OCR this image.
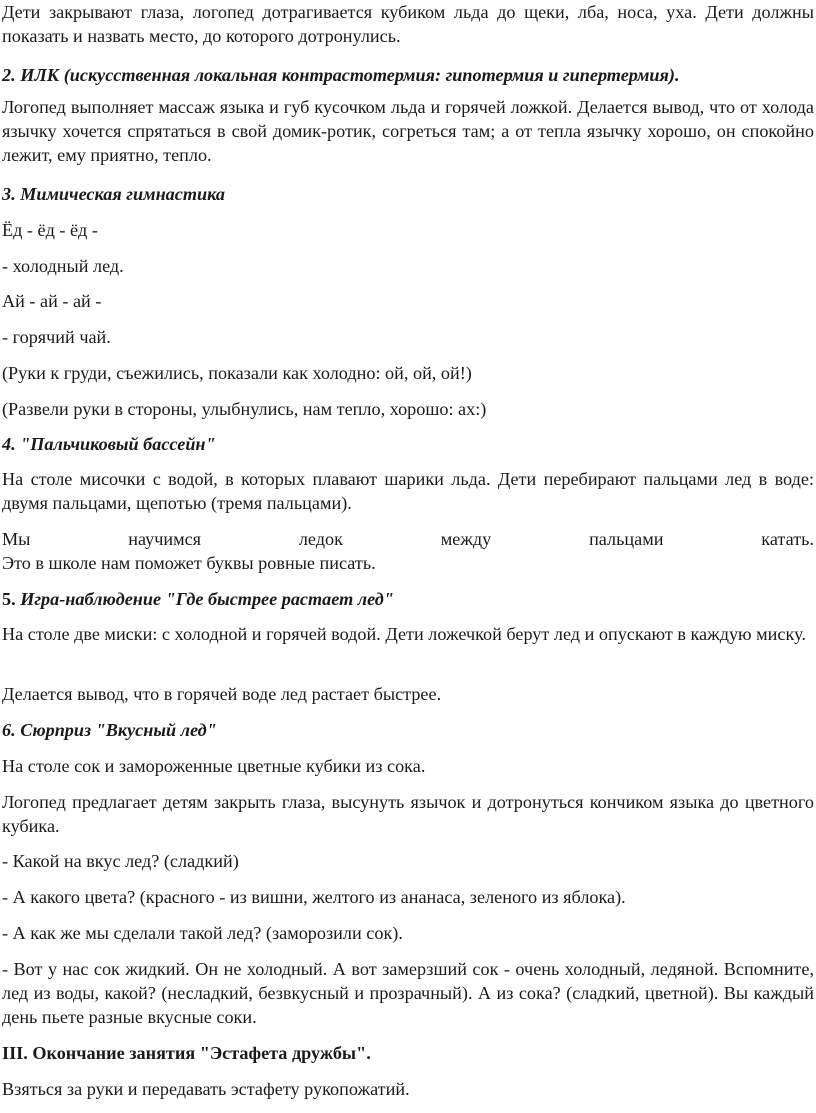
Дети закрывают глаза, логопед дотрагивается кубиком льда до щеки, лба, носа, уха. Дети должны показать и назвать место, до которого дотронулись.

2. ИЛК (искусственная локальная контрастотермия: гипотермия и гипертермия).

Логопед выполняет массаж языка и губ кусочком льда и горячей ложкой. Делается вывод, что от холода язычку хочется спрятаться в свой домик-ротик, согреться там; а от тепла язычку хорошо, он спокойно лежит, ему приятно, тепло.

3. Мимическая гимнастика

Ёд - ёд - ёд -

- холодный лед.

Ай - ай - ай -

- горячий чай.

(Руки к груди, съежились, показали как холодно: ой, ой, ой!)

(Развели руки в стороны, улыбнулись, нам тепло, хорошо: ах:)

4. "Пальчиковый бассейн"

На столе мисочки с водой, в которых плавают шарики льда. Дети перебирают пальцами лед в воде: двумя пальцами, щепотью (тремя пальцами).

Мы	научимся	ледок	между	пальцами	катать.
Это в школе нам поможет буквы ровные писать.

5. Игра-наблюдение "Где быстрее растает лед"

На столе две миски: с холодной и горячей водой. Дети ложечкой берут лед и опускают в каждую миску.

Делается вывод, что в горячей воде лед растает быстрее.

6. Сюрприз "Вкусный лед"

На столе сок и замороженные цветные кубики из сока.

Логопед предлагает детям закрыть глаза, высунуть язычок и дотронуться кончиком языка до цветного кубика.

- Какой на вкус лед? (сладкий)

- А какого цвета? (красного - из вишни, желтого из ананаса, зеленого из яблока).

- А как же мы сделали такой лед? (заморозили сок).

- Вот у нас сок жидкий. Он не холодный. А вот замерзший сок - очень холодный, ледяной. Вспомните, лед из воды, какой? (несладкий, безвкусный и прозрачный). А из сока? (сладкий, цветной). Вы каждый день пьете разные вкусные соки.

III. Окончание занятия "Эстафета дружбы".

Взяться за руки и передавать эстафету рукопожатий.
